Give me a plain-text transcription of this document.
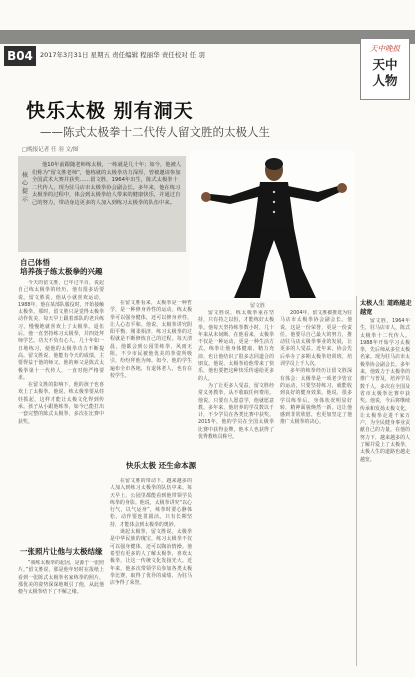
B04	2017年3月31日 星期五 责任编辑 程丽华 责任校对 任 羽
天中晚报
天中
人物
快乐太极 别有洞天
——陈式太极拳十二代传人留文胜的太极人生
□晚报记者 任 羽 文/图
核心提示
他10年前跟随老师练太极，一练就是几十年；如今，他被人们称为“留文胜老师”，他练就的太极拳功力深厚，曾被邀请参加全国武术大赛并获奖……留文胜，1964年出生，陈式太极拳十二代传人，现为驻马店市太极拳协会副会长。多年来，他在练习太极拳的过程中，体会到太极拳给人带来的健康快乐，并通过自己的努力，带动身边更多的人加入到练习太极拳的队伍中来。
留文胜
自己体悟
培养孩子练太极拳的兴趣

今天的留文胜，已年过半百，说起自己练太极拳的经历，他有很多话要说。留文胜说，他从小就喜欢运动，1988年，他在某部队服役时，开始接触太极拳。那时，留文胜只是觉得太极拳动作优美，每天早上跟着部队的老兵练习，慢慢地就喜欢上了太极拳。退伍后，他一直坚持练习太极拳，并四处拜师学艺。功夫不负有心人，几十年如一日地练习，使他的太极拳功力不断提高。留文胜说，他能有今天的成绩，主要得益于他的师父。他的师父是陈式太极拳第十一代传人，一直对他严格要求。

在留文胜的影响下，他的孩子也喜欢上了太极拳。他说，练太极拳要从娃娃抓起，这样才能让太极文化得到传承。孩子从小跟他练拳，如今已能打出一套完整的陈式太极拳，多次在比赛中获奖。

一张照片让他与太极结缘

“我练太极拳的起因，是源于一张照片。”留文胜说，那是他年轻时在报纸上看到一张陈式太极拳名家练拳的照片，那优美的姿势深深地吸引了他，从此他便与太极拳结下了不解之缘。

在留文胜看来，太极拳是一种哲学，是一种修身养性的运动。练太极拳可以强身健体，还可以修身养性，让人心态平和。他说，太极拳讲究阴阳平衡、刚柔相济，练习太极拳的过程就是不断修炼自己的过程。每天清晨，他都会到公园里练拳，风雨无阻。不少市民被他优美的拳姿所吸引，纷纷拜他为师。如今，他的学生遍布全市各地，有退休老人，也有在校学生。

快乐太极 还生命本源

在留文胜的带动下，越来越多的人加入到练习太极拳的队伍中来。每天早上，公园里都能看到他带领学员练拳的身影。他说，太极拳讲究“以心行气，以气运身”，练拳时要心静体松，动作要连贯圆活。只有长期坚持，才能体会到太极拳的奥妙。

谈起太极拳，留文胜说，太极拳是中华民族的瑰宝，练习太极拳不仅可以强身健体，还可以陶冶情操。他希望有更多的人了解太极拳、喜欢太极拳，让这一传统文化发扬光大。近年来，他多次带领学员参加各类太极拳比赛，取得了优异的成绩，为驻马店争得了荣誉。

留文胜说，练太极拳重在坚持，只有持之以恒，才能练好太极拳。他每天坚持练拳数小时，几十年来从未间断。在他看来，太极拳不仅是一种运动，更是一种生活方式。练拳让他身体健康、精力充沛，也让他结识了很多志同道合的朋友。他说，太极拳给他带来了快乐，他也要把这种快乐传递给更多的人。

为了让更多人受益，留文胜经常义务教拳，从不收取任何费用。他说，只要有人愿意学，他就愿意教。多年来，他培养的学员数以千计，不少学员在各类比赛中获奖。2015年，他的学员在全国太极拳比赛中获得金牌，他本人也获得了优秀教练员称号。

2004年，留文胜被推选为驻马店市太极拳协会副会长。他说，这是一份荣誉，更是一份责任。他要尽自己最大的努力，推动驻马店太极拳事业的发展，让更多的人受益。近年来，协会先后举办了多期太极拳培训班，培训学员上千人次。

多年的练拳经历让留文胜深有体会：太极拳是一项老少皆宜的运动，只要坚持练习，就能收到良好的健身效果。他说，很多学员练拳后，身体状况明显好转，精神面貌焕然一新。这让他感到非常欣慰，也更加坚定了他推广太极拳的决心。

太极人生 道路越走越宽

留文胜，1964年生，驻马店市人，陈式太极拳十二代传人。1988年开始学习太极拳，先后师从多位太极名家。现为驻马店市太极拳协会副会长。多年来，他致力于太极拳的推广与普及，培养学员数千人，多次在全国及省市太极拳比赛中获奖。他说，今后将继续传承和发扬太极文化，让太极拳走进千家万户，为全民健身事业贡献自己的力量。在他的努力下，越来越多的人了解并爱上了太极拳，太极人生的道路也越走越宽。
